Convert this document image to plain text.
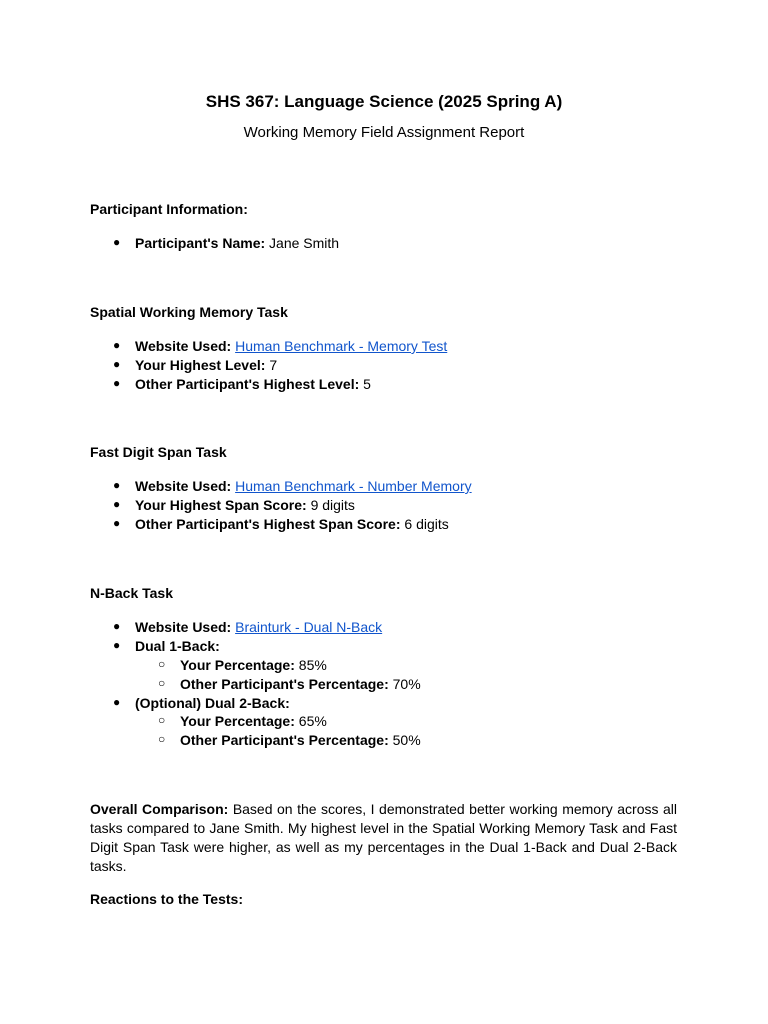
SHS 367: Language Science (2025 Spring A)
Working Memory Field Assignment Report
Participant Information:
● Participant's Name: Jane Smith
Spatial Working Memory Task
● Website Used: Human Benchmark - Memory Test
● Your Highest Level: 7
● Other Participant's Highest Level: 5
Fast Digit Span Task
● Website Used: Human Benchmark - Number Memory
● Your Highest Span Score: 9 digits
● Other Participant's Highest Span Score: 6 digits
N-Back Task
● Website Used: Brainturk - Dual N-Back
● Dual 1-Back:
○ Your Percentage: 85%
○ Other Participant's Percentage: 70%
● (Optional) Dual 2-Back:
○ Your Percentage: 65%
○ Other Participant's Percentage: 50%
Overall Comparison: Based on the scores, I demonstrated better working memory across all tasks compared to Jane Smith. My highest level in the Spatial Working Memory Task and Fast Digit Span Task were higher, as well as my percentages in the Dual 1-Back and Dual 2-Back tasks.
Reactions to the Tests:
